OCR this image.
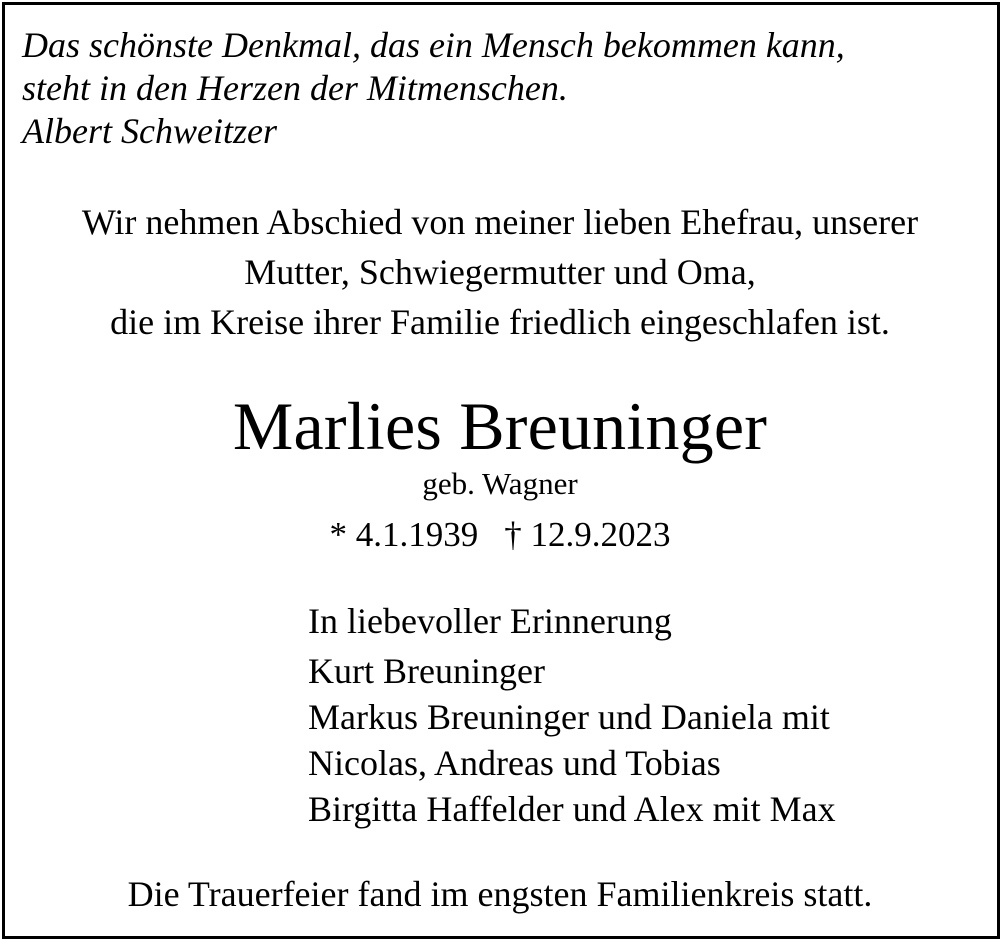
Das schönste Denkmal, das ein Mensch bekommen kann,
steht in den Herzen der Mitmenschen.
Albert Schweitzer
Wir nehmen Abschied von meiner lieben Ehefrau, unserer
Mutter, Schwiegermutter und Oma,
die im Kreise ihrer Familie friedlich eingeschlafen ist.
Marlies Breuninger
geb. Wagner
* 4.1.1939 † 12.9.2023
In liebevoller Erinnerung
Kurt Breuninger
Markus Breuninger und Daniela mit
Nicolas, Andreas und Tobias
Birgitta Haffelder und Alex mit Max
Die Trauerfeier fand im engsten Familienkreis statt.
